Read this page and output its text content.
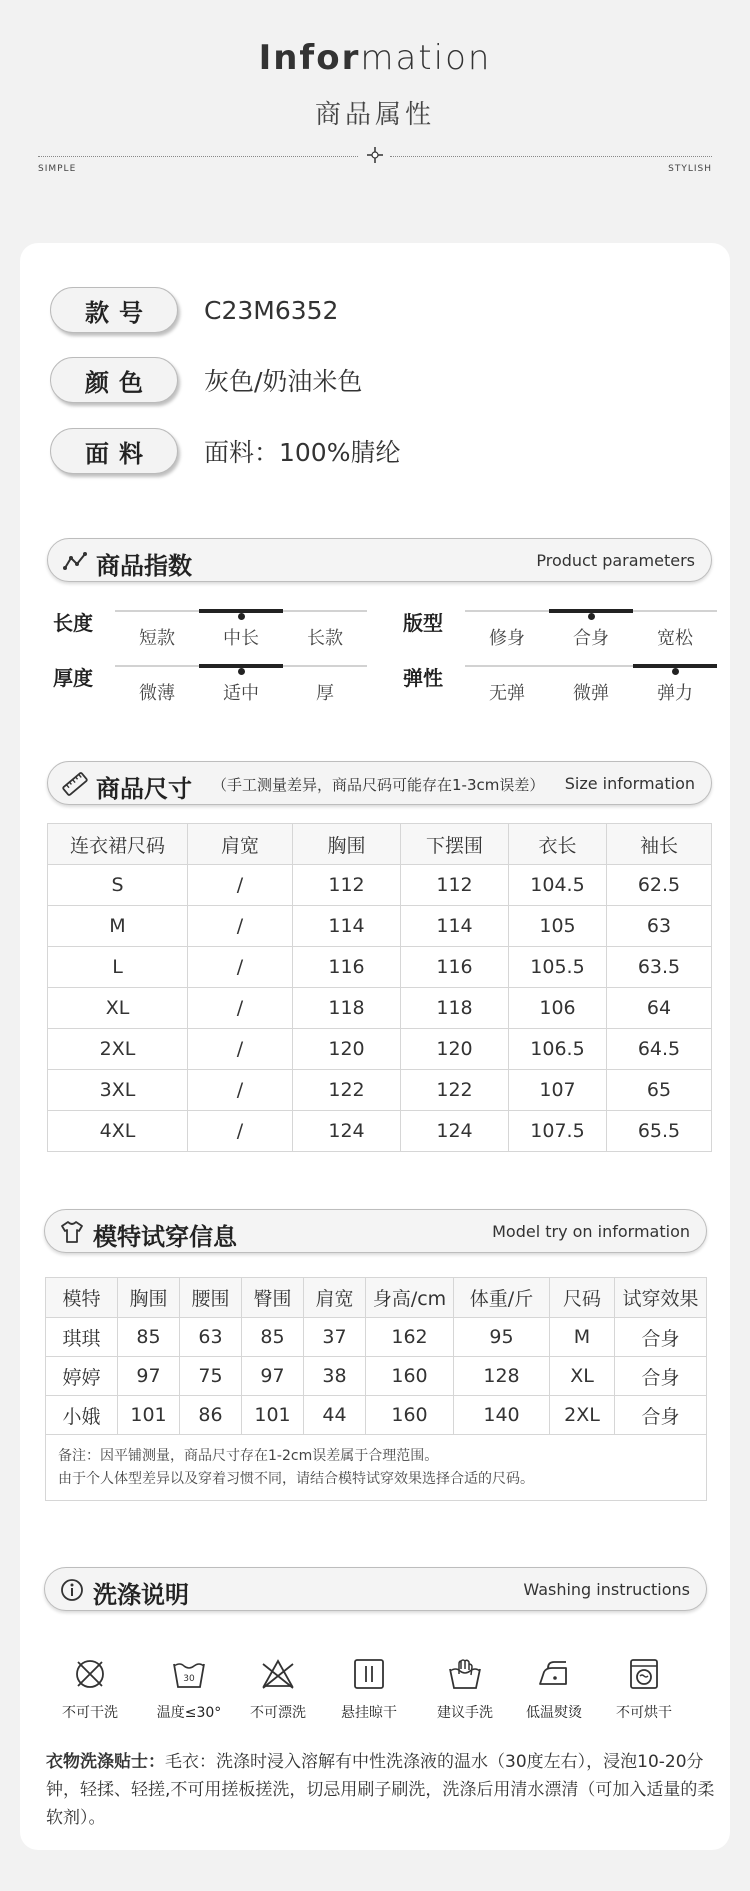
Information
商品属性
SIMPLE	STYLISH
款号	C23M6352
颜色	灰色/奶油米色
面料	面料：100%腈纶
商品指数	Product parameters
长度
短款	中长	长款
版型
修身	合身	宽松
厚度
微薄	适中	厚
弹性
无弹	微弹	弹力
商品尺寸 （手工测量差异，商品尺码可能存在1-3cm误差） Size information
连衣裙尺码	肩宽	胸围	下摆围	衣长	袖长
S	/	112	112	104.5	62.5
M	/	114	114	105	63
L	/	116	116	105.5	63.5
XL	/	118	118	106	64
2XL	/	120	120	106.5	64.5
3XL	/	122	122	107	65
4XL	/	124	124	107.5	65.5
模特试穿信息	Model try on information
模特	胸围	腰围	臀围	肩宽	身高/cm	体重/斤	尺码	试穿效果
琪琪	85	63	85	37	162	95	M	合身
婷婷	97	75	97	38	160	128	XL	合身
小娥	101	86	101	44	160	140	2XL	合身

备注：因平铺测量，商品尺寸存在1-2cm误差属于合理范围。
由于个人体型差异以及穿着习惯不同，请结合模特试穿效果选择合适的尺码。								
洗涤说明	Washing instructions
不可干洗
30
温度≤30°	不可漂洗	悬挂晾干	建议手洗	低温熨烫	不可烘干
衣物洗涤贴士：毛衣：洗涤时浸入溶解有中性洗涤液的温水（30度左右），浸泡10-20分钟，轻揉、轻搓,不可用搓板搓洗，切忌用刷子刷洗，洗涤后用清水漂清（可加入适量的柔软剂）。
